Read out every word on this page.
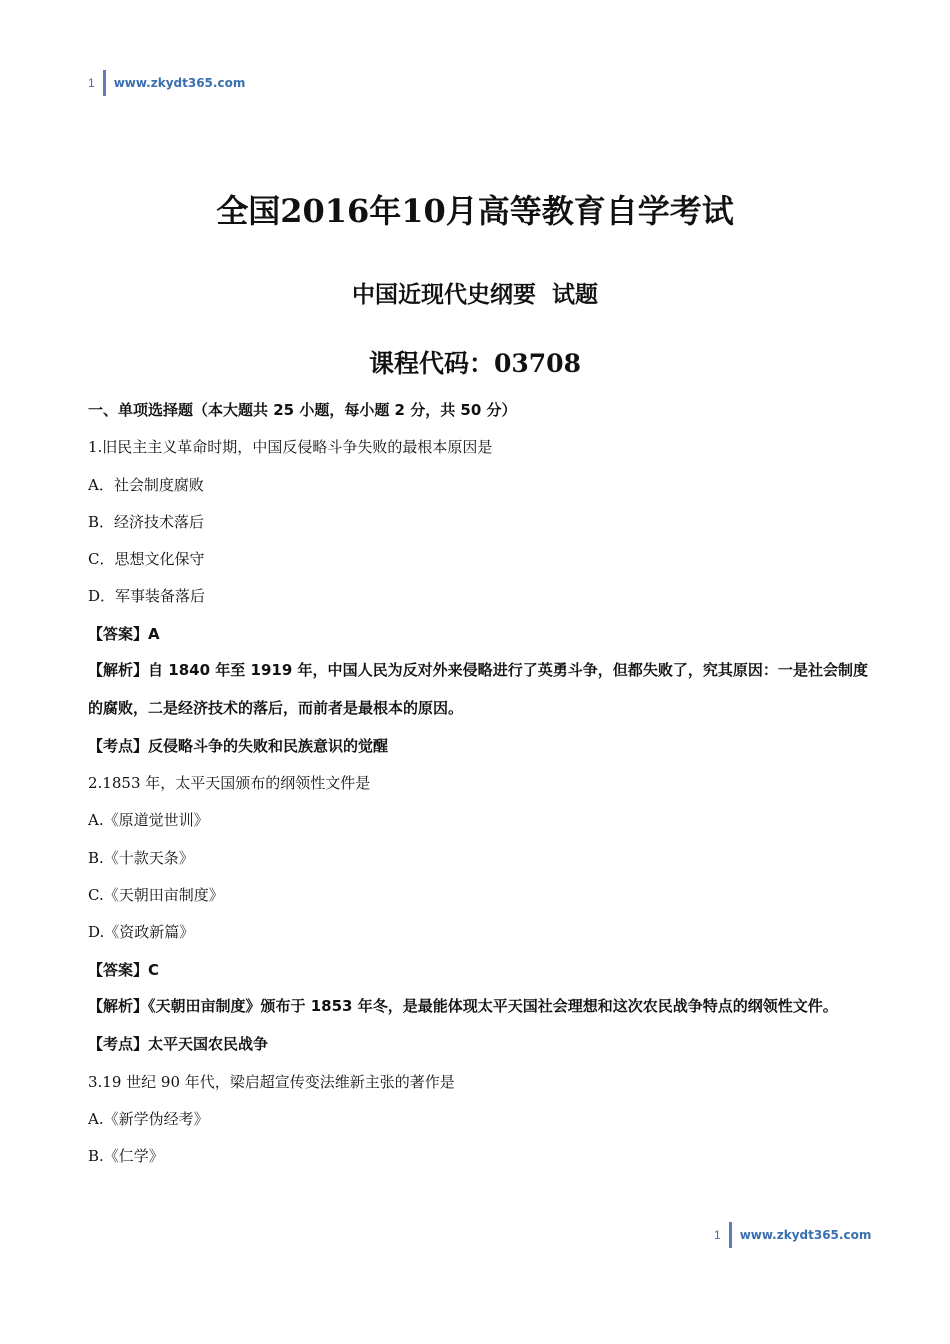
1 www.zkydt365.com
全国2016年10月高等教育自学考试
中国近现代史纲要  试题
课程代码：03708
一、单项选择题（本大题共 25 小题，每小题 2 分，共 50 分）
1.旧民主主义革命时期，中国反侵略斗争失败的最根本原因是
A．社会制度腐败
B．经济技术落后
C．思想文化保守
D．军事装备落后
【答案】A
【解析】自 1840 年至 1919 年，中国人民为反对外来侵略进行了英勇斗争，但都失败了，究其原因：一是社会制度的腐败，二是经济技术的落后，而前者是最根本的原因。
【考点】反侵略斗争的失败和民族意识的觉醒
2.1853 年，太平天国颁布的纲领性文件是
A.《原道觉世训》
B.《十款天条》
C.《天朝田亩制度》
D.《资政新篇》
【答案】C
【解析】《天朝田亩制度》颁布于 1853 年冬，是最能体现太平天国社会理想和这次农民战争特点的纲领性文件。
【考点】太平天国农民战争
3.19 世纪 90 年代，梁启超宣传变法维新主张的著作是
A.《新学伪经考》
B.《仁学》
1 www.zkydt365.com
